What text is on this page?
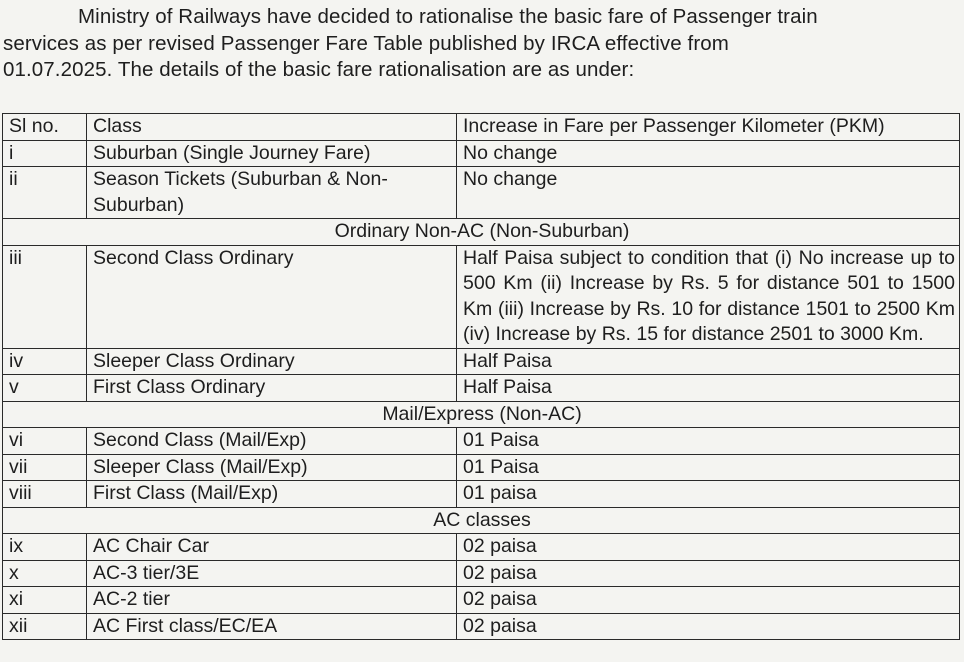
Ministry of Railways have decided to rationalise the basic fare of Passenger train
services as per revised Passenger Fare Table published by IRCA effective from
01.07.2025. The details of the basic fare rationalisation are as under:
Sl no.	Class	Increase in Fare per Passenger Kilometer (PKM)
i	Suburban (Single Journey Fare)	No change
ii	Season Tickets (Suburban & Non-Suburban)	No change
Ordinary Non-AC (Non-Suburban)		
iii	Second Class Ordinary	Half Paisa subject to condition that (i) No increase up to 500 Km (ii) Increase by Rs. 5 for distance 501 to 1500 Km (iii) Increase by Rs. 10 for distance 1501 to 2500 Km (iv) Increase by Rs. 15 for distance 2501 to 3000 Km.
iv	Sleeper Class Ordinary	Half Paisa
v	First Class Ordinary	Half Paisa
Mail/Express (Non-AC)		
vi	Second Class (Mail/Exp)	01 Paisa
vii	Sleeper Class (Mail/Exp)	01 Paisa
viii	First Class (Mail/Exp)	01 paisa
AC classes		
ix	AC Chair Car	02 paisa
x	AC-3 tier/3E	02 paisa
xi	AC-2 tier	02 paisa
xii	AC First class/EC/EA	02 paisa
